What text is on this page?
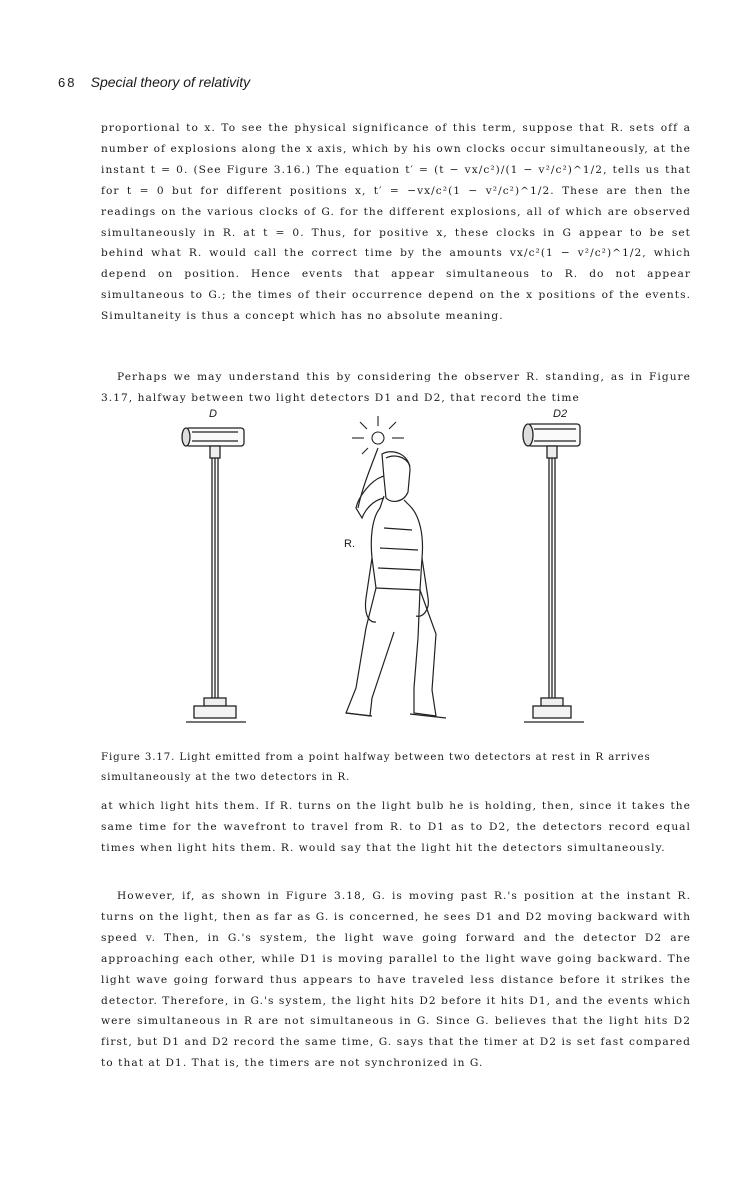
68 Special theory of relativity

proportional to x. To see the physical significance of this term, suppose that R. sets off a number of explosions along the x axis, which by his own clocks occur simultaneously, at the instant t = 0. (See Figure 3.16.) The equation t′ = (t − vx/c²)/(1 − v²/c²)^1/2, tells us that for t = 0 but for different positions x, t′ = −vx/c²(1 − v²/c²)^1/2. These are then the readings on the various clocks of G. for the different explosions, all of which are observed simultaneously in R. at t = 0. Thus, for positive x, these clocks in G appear to be set behind what R. would call the correct time by the amounts vx/c²(1 − v²/c²)^1/2, which depend on position. Hence events that appear simultaneous to R. do not appear simultaneous to G.; the times of their occurrence depend on the x positions of the events. Simultaneity is thus a concept which has no absolute meaning.

Perhaps we may understand this by considering the observer R. standing, as in Figure 3.17, halfway between two light detectors D1 and D2, that record the time

D	D2
R.

Figure 3.17. Light emitted from a point halfway between two detectors at rest in R arrives simultaneously at the two detectors in R.

at which light hits them. If R. turns on the light bulb he is holding, then, since it takes the same time for the wavefront to travel from R. to D1 as to D2, the detectors record equal times when light hits them. R. would say that the light hit the detectors simultaneously.

However, if, as shown in Figure 3.18, G. is moving past R.'s position at the instant R. turns on the light, then as far as G. is concerned, he sees D1 and D2 moving backward with speed v. Then, in G.'s system, the light wave going forward and the detector D2 are approaching each other, while D1 is moving parallel to the light wave going backward. The light wave going forward thus appears to have traveled less distance before it strikes the detector. Therefore, in G.'s system, the light hits D2 before it hits D1, and the events which were simultaneous in R are not simultaneous in G. Since G. believes that the light hits D2 first, but D1 and D2 record the same time, G. says that the timer at D2 is set fast compared to that at D1. That is, the timers are not synchronized in G.
